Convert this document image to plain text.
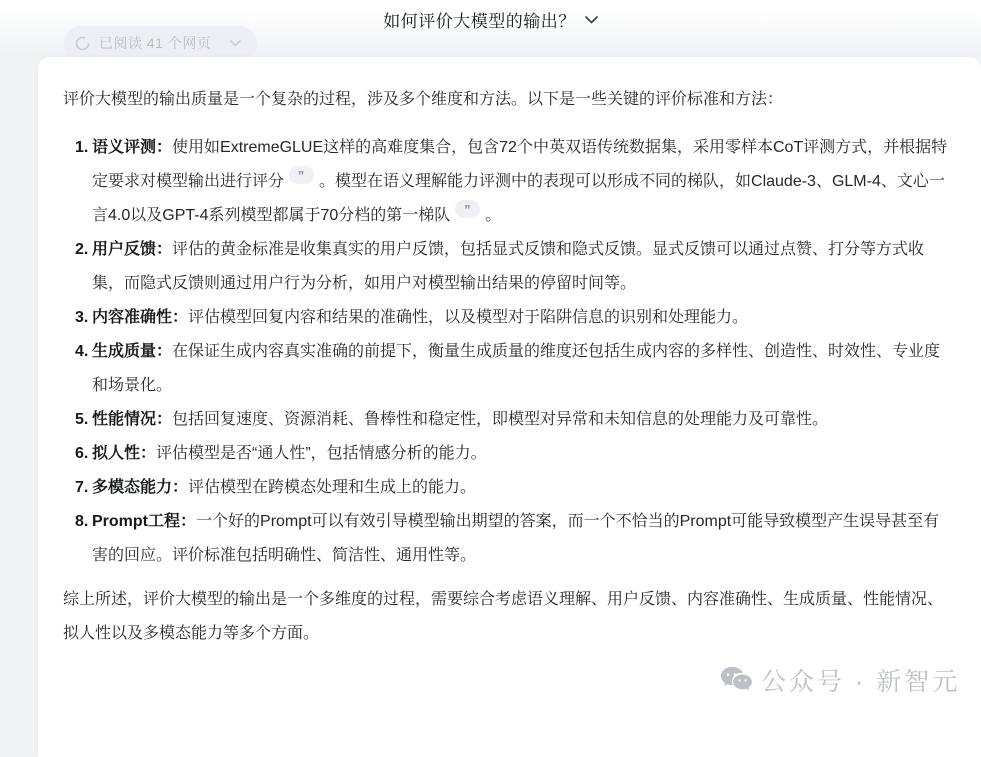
如何评价大模型的输出？
已阅读 41 个网页

评价大模型的输出质量是一个复杂的过程，涉及多个维度和方法。以下是一些关键的评价标准和方法：

1. 语义评测：使用如ExtremeGLUE这样的高难度集合，包含72个中英双语传统数据集，采用零样本CoT评测方式，并根据特定要求对模型输出进行评分 ” 。模型在语义理解能力评测中的表现可以形成不同的梯队，如Claude-3、GLM-4、文心一言4.0以及GPT-4系列模型都属于70分档的第一梯队 ” 。
2. 用户反馈：评估的黄金标准是收集真实的用户反馈，包括显式反馈和隐式反馈。显式反馈可以通过点赞、打分等方式收集，而隐式反馈则通过用户行为分析，如用户对模型输出结果的停留时间等。
3. 内容准确性：评估模型回复内容和结果的准确性，以及模型对于陷阱信息的识别和处理能力。
4. 生成质量：在保证生成内容真实准确的前提下，衡量生成质量的维度还包括生成内容的多样性、创造性、时效性、专业度和场景化。
5. 性能情况：包括回复速度、资源消耗、鲁棒性和稳定性，即模型对异常和未知信息的处理能力及可靠性。
6. 拟人性：评估模型是否“通人性”，包括情感分析的能力。
7. 多模态能力：评估模型在跨模态处理和生成上的能力。
8. Prompt工程：一个好的Prompt可以有效引导模型输出期望的答案，而一个不恰当的Prompt可能导致模型产生误导甚至有害的回应。评价标准包括明确性、简洁性、通用性等。

综上所述，评价大模型的输出是一个多维度的过程，需要综合考虑语义理解、用户反馈、内容准确性、生成质量、性能情况、拟人性以及多模态能力等多个方面。

公众号 · 新智元
